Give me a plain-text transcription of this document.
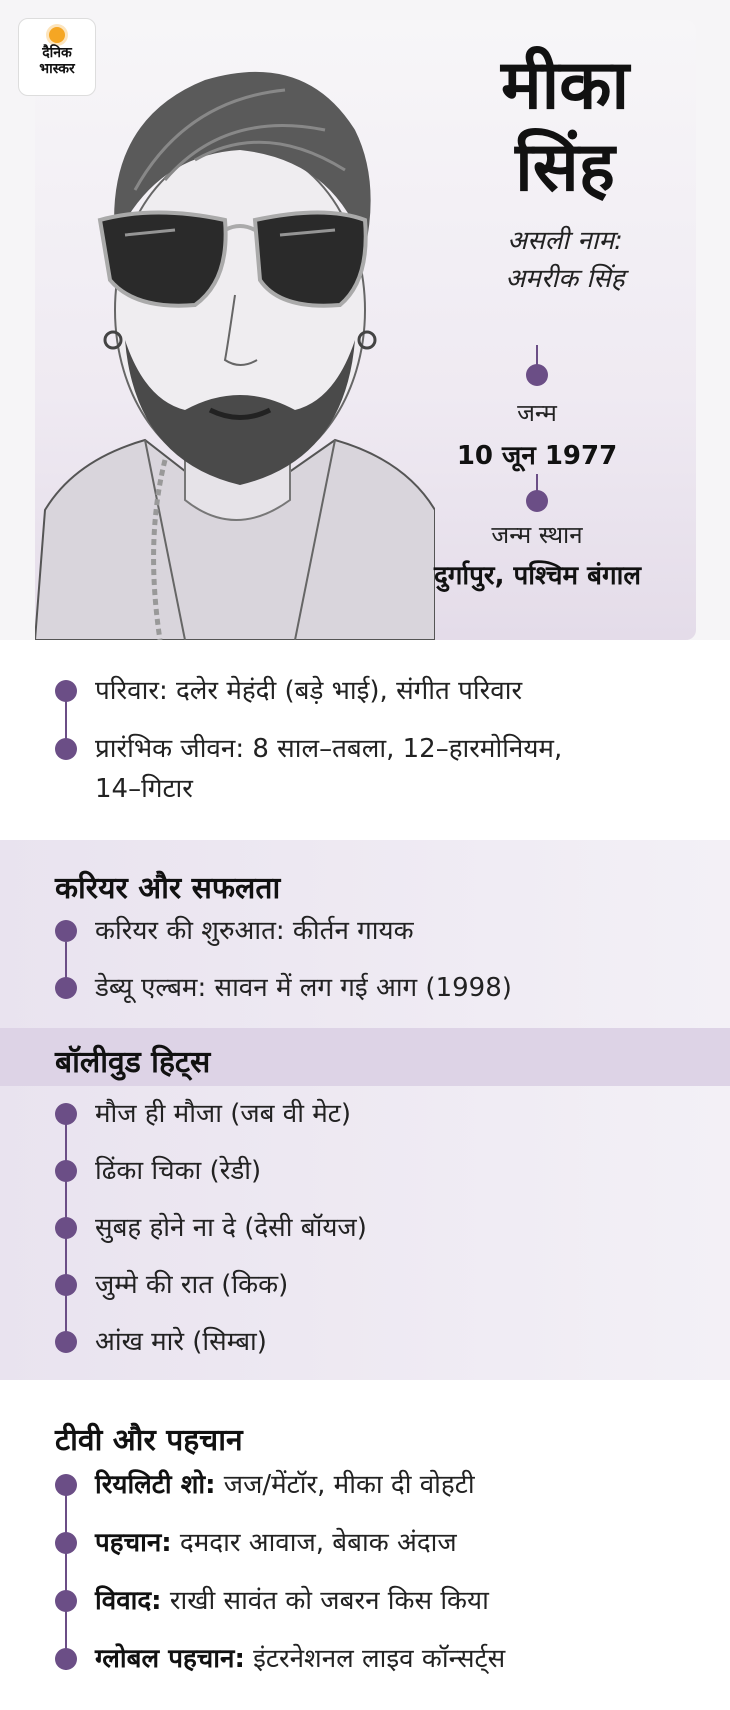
दैनिक
भास्कर	मीका
सिंह
असली नाम:
अमरीक सिंह
जन्म
10 जून 1977
जन्म स्थान
दुर्गापुर, पश्चिम बंगाल
परिवार: दलेर मेहंदी (बड़े भाई), संगीत परिवार
प्रारंभिक जीवन: 8 साल–तबला, 12–हारमोनियम,
14–गिटार
करियर और सफलता
करियर की शुरुआत: कीर्तन गायक
डेब्यू एल्बम: सावन में लग गई आग (1998)
बॉलीवुड हिट्स
मौज ही मौजा (जब वी मेट)
ढिंका चिका (रेडी)
सुबह होने ना दे (देसी बॉयज)
जुम्मे की रात (किक)
आंख मारे (सिम्बा)
टीवी और पहचान
रियलिटी शो: जज/मेंटॉर, मीका दी वोहटी
पहचान: दमदार आवाज, बेबाक अंदाज
विवाद: राखी सावंत को जबरन किस किया
ग्लोबल पहचान: इंटरनेशनल लाइव कॉन्सर्ट्स
